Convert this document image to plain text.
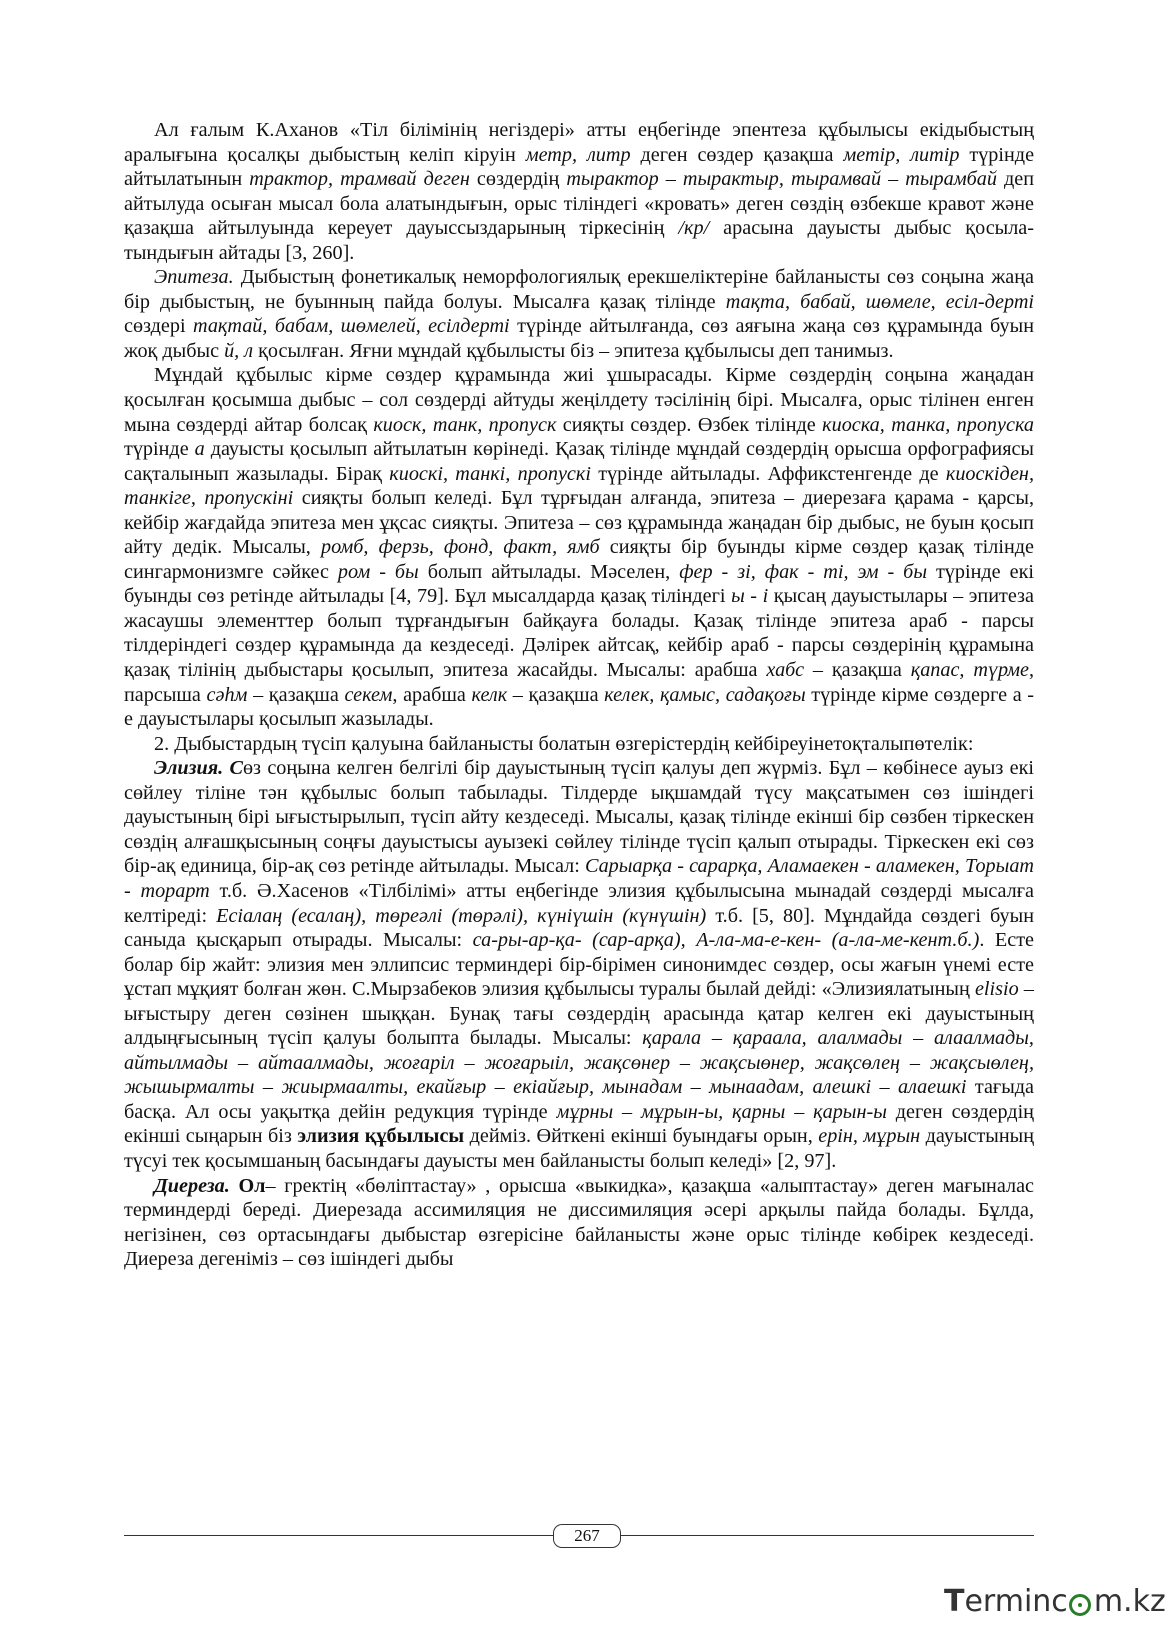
Ал ғалым К.Аханов «Тіл білімінің негіздері» атты еңбегінде эпентеза құбылысы екідыбыстың аралығына қосалқы дыбыстың келіп кіруін метр, литр деген сөздер қазақша метір, литір түрінде айтылатынын трактор, трамвай деген сөздердің тырактор – тырактыр, тырамвай – тырамбай деп айтылуда осыған мысал бола алатындығын, орыс тіліндегі «кровать» деген сөздің өзбекше кравот және қазақша айтылуында кереует дауыссыздарының тіркесінің /кр/ арасына дауысты дыбыс қосылатындығын айтады [3, 260].

Эпитеза. Дыбыстың фонетикалық неморфологиялық ерекшеліктеріне байланысты сөз соңына жаңа бір дыбыстың, не буынның пайда болуы. Мысалға қазақ тілінде тақта, бабай, шөмеле, есіл-дерті сөздері тақтай, бабам, шөмелей, есілдерті түрінде айтылғанда, сөз аяғына жаңа сөз құрамында буын жоқ дыбыс й, л қосылған. Яғни мұндай құбылысты біз – эпитеза құбылысы деп танимыз.

Мұндай құбылыс кірме сөздер құрамында жиі ұшырасады. Кірме сөздердің соңына жаңадан қосылған қосымша дыбыс – сол сөздерді айтуды жеңілдету тәсілінің бірі. Мысалға, орыс тілінен енген мына сөздерді айтар болсақ киоск, танк, пропуск сияқты сөздер. Өзбек тілінде киоска, танка, пропуска түрінде а дауысты қосылып айтылатын көрінеді. Қазақ тілінде мұндай сөздердің орысша орфографиясы сақталынып жазылады. Бірақ киоскі, танкі, пропускі түрінде айтылады. Аффикстенгенде де киоскіден, танкіге, пропускіні сияқты болып келеді. Бұл тұрғыдан алғанда, эпитеза – диерезаға қарама - қарсы, кейбір жағдайда эпитеза мен ұқсас сияқты. Эпитеза – сөз құрамында жаңадан бір дыбыс, не буын қосып айту дедік. Мысалы, ромб, ферзь, фонд, факт, ямб сияқты бір буынды кірме сөздер қазақ тілінде сингармонизмге сәйкес ром - бы болып айтылады. Мәселен, фер - зі, фак - ті, эм - бы түрінде екі буынды сөз ретінде айтылады [4, 79]. Бұл мысалдарда қазақ тіліндегі ы - і қысаң дауыстылары – эпитеза жасаушы элементтер болып тұрғандығын байқауға болады. Қазақ тілінде эпитеза араб - парсы тілдеріндегі сөздер құрамында да кездеседі. Дәлірек айтсақ, кейбір араб - парсы сөздерінің құрамына қазақ тілінің дыбыстары қосылып, эпитеза жасайды. Мысалы: арабша хабс – қазақша қапас, түрме, парсыша сәһм – қазақша секем, арабша келк – қазақша келек, қамыс, садақоғы түрінде кірме сөздерге а - е дауыстылары қосылып жазылады.

2. Дыбыстардың түсіп қалуына байланысты болатын өзгерістердің кейбіреуінетоқталыпөтелік:

Элизия. Сөз соңына келген белгілі бір дауыстының түсіп қалуы деп жүрміз. Бұл – көбінесе ауыз екі сөйлеу тіліне тән құбылыс болып табылады. Тілдерде ықшамдай түсу мақсатымен сөз ішіндегі дауыстының бірі ығыстырылып, түсіп айту кездеседі. Мысалы, қазақ тілінде екінші бір сөзбен тіркескен сөздің алғашқысының соңғы дауыстысы ауызекі сөйлеу тілінде түсіп қалып отырады. Тіркескен екі сөз бір-ақ единица, бір-ақ сөз ретінде айтылады. Мысал: Сарыарқа - сарарқа, Аламаекен - аламекен, Торыат - торарт т.б. Ә.Хасенов «Тілбілімі» атты еңбегінде элизия құбылысына мынадай сөздерді мысалға келтіреді: Есіалаң (есалаң), төреәлі (төрәлі), күніүшін (күнүшін) т.б. [5, 80]. Мұндайда сөздегі буын саныда қысқарып отырады. Мысалы: са-ры-ар-қа- (сар-арқа), А-ла-ма-е-кен- (а-ла-ме-кент.б.). Есте болар бір жайт: элизия мен эллипсис терминдері бір-бірімен синонимдес сөздер, осы жағын үнемі есте ұстап мұқият болған жөн. С.Мырзабеков элизия құбылысы туралы былай дейді: «Элизиялатының elisio – ығыстыру деген сөзінен шыққан. Бунақ тағы сөздердің арасында қатар келген екі дауыстының алдыңғысының түсіп қалуы болыпта былады. Мысалы: қарала – қараала, алалмады – алаалмады, айтылмады – айтаалмады, жоғаріл – жоғарыіл, жақсөнер – жақсыөнер, жақсөлең – жақсыөлең, жышырмалты – жиырмаалты, екайғыр – екіайғыр, мынадам – мынаадам, алешкі – алаешкі тағыда басқа. Ал осы уақытқа дейін редукция түрінде мұрны – мұрын-ы, қарны – қарын-ы деген сөздердің екінші сыңарын біз элизия құбылысы дейміз. Өйткені екінші буындағы орын, ерін, мұрын дауыстының түсуі тек қосымшаның басындағы дауысты мен байланысты болып келеді» [2, 97].

Диереза. Ол– гректің «бөліптастау» , орысша «выкидка», қазақша «алыптастау» деген мағыналас терминдерді береді. Диерезада ассимиляция не диссимиляция әсері арқылы пайда болады. Бұлда, негізінен, сөз ортасындағы дыбыстар өзгерісіне байланысты және орыс тілінде көбірек кездеседі. Диереза дегеніміз – сөз ішіндегі дыбы

267
Terminc m.kz
